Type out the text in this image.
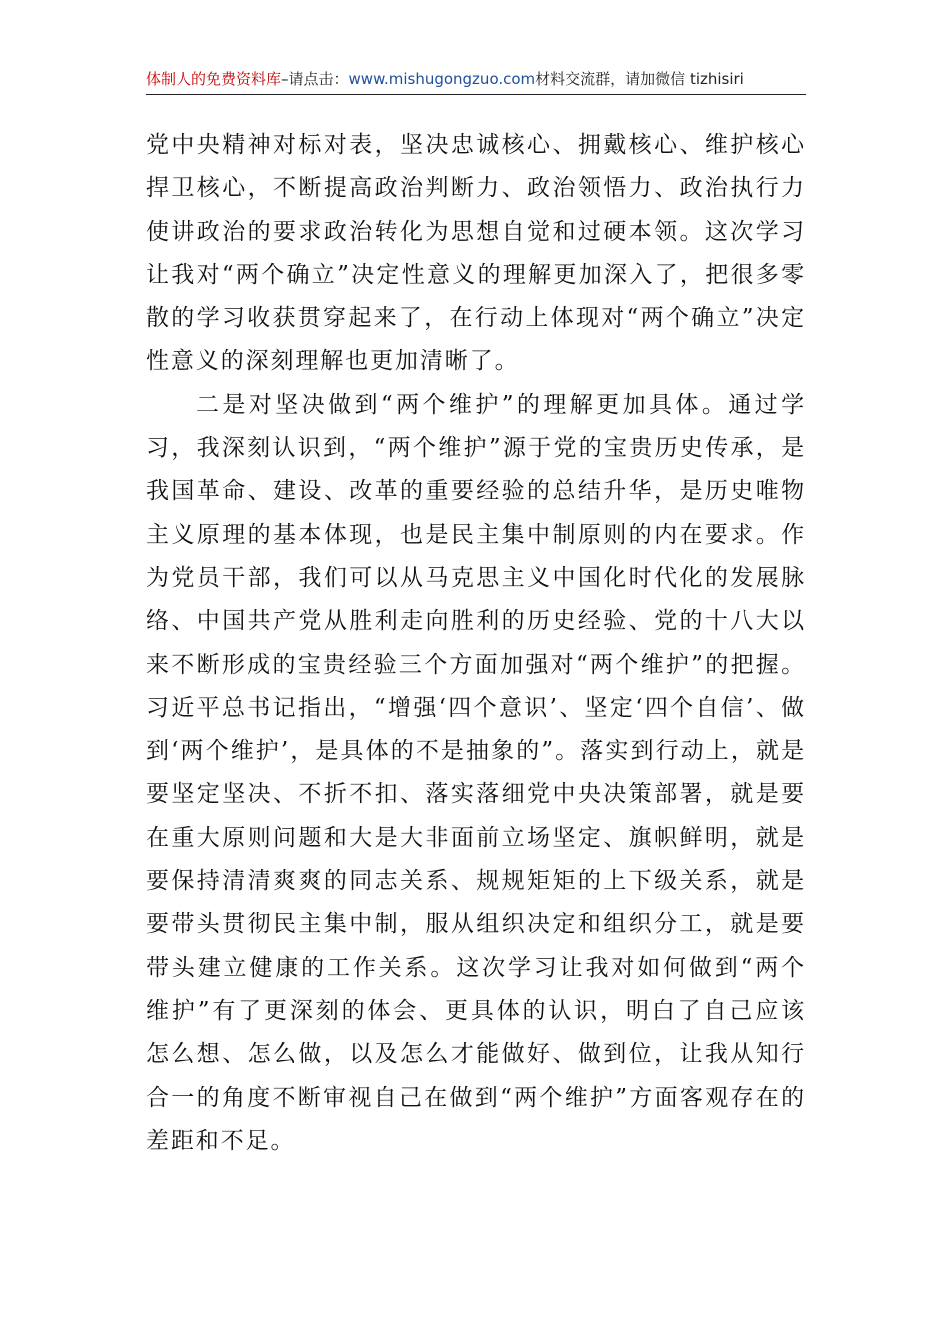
体制人的免费资料库–请点击：www.mishugongzuo.com材料交流群，请加微信 tizhisiri

党中央精神对标对表，坚决忠诚核心、拥戴核心、维护核心捍卫核心，不断提高政治判断力、政治领悟力、政治执行力使讲政治的要求政治转化为思想自觉和过硬本领。这次学习让我对“两个确立”决定性意义的理解更加深入了，把很多零散的学习收获贯穿起来了，在行动上体现对“两个确立”决定性意义的深刻理解也更加清晰了。

二是对坚决做到“两个维护”的理解更加具体。通过学习，我深刻认识到，“两个维护”源于党的宝贵历史传承，是我国革命、建设、改革的重要经验的总结升华，是历史唯物主义原理的基本体现，也是民主集中制原则的内在要求。作为党员干部，我们可以从马克思主义中国化时代化的发展脉络、中国共产党从胜利走向胜利的历史经验、党的十八大以来不断形成的宝贵经验三个方面加强对“两个维护”的把握。习近平总书记指出，“增强‘四个意识’、坚定‘四个自信’、做到‘两个维护’，是具体的不是抽象的”。落实到行动上，就是要坚定坚决、不折不扣、落实落细党中央决策部署，就是要在重大原则问题和大是大非面前立场坚定、旗帜鲜明，就是要保持清清爽爽的同志关系、规规矩矩的上下级关系，就是要带头贯彻民主集中制，服从组织决定和组织分工，就是要带头建立健康的工作关系。这次学习让我对如何做到“两个维护”有了更深刻的体会、更具体的认识，明白了自己应该怎么想、怎么做，以及怎么才能做好、做到位，让我从知行合一的角度不断审视自己在做到“两个维护”方面客观存在的差距和不足。
